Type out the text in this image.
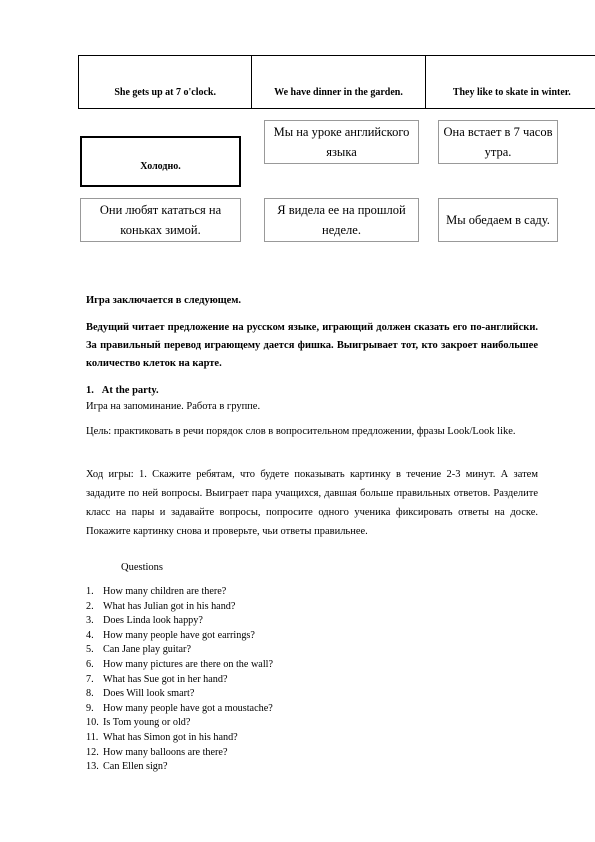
She gets up at 7 o'clock.	We have dinner in the garden.	They like to skate in winter.
Мы на уроке английского языка
Она встает в 7 часов утра.
Холодно.
Они любят кататься на коньках зимой.
Я видела ее на прошлой неделе.
Мы обедаем в саду.
Игра заключается в следующем.
Ведущий читает предложение на русском языке, играющий должен сказать его по-английски. За правильный перевод играющему дается фишка. Выигрывает тот, кто закроет наибольшее количество клеток на карте.
1. At the party.
Игра на запоминание. Работа в группе.
Цель: практиковать в речи порядок слов в вопросительном предложении, фразы Look/Look like.
Ход игры: 1. Скажите ребятам, что будете показывать картинку в течение 2-3 минут. А затем зададите по ней вопросы. Выиграет пара учащихся, давшая больше правильных ответов. Разделите класс на пары и задавайте вопросы, попросите одного ученика фиксировать ответы на доске. Покажите картинку снова и проверьте, чьи ответы правильнее.
Questions
1. How many children are there?
2. What has Julian got in his hand?
3. Does Linda look happy?
4. How many people have got earrings?
5. Can Jane play guitar?
6. How many pictures are there on the wall?
7. What has Sue got in her hand?
8. Does Will look smart?
9. How many people have got a moustache?
10. Is Tom young or old?
11. What has Simon got in his hand?
12. How many balloons are there?
13. Can Ellen sign?
